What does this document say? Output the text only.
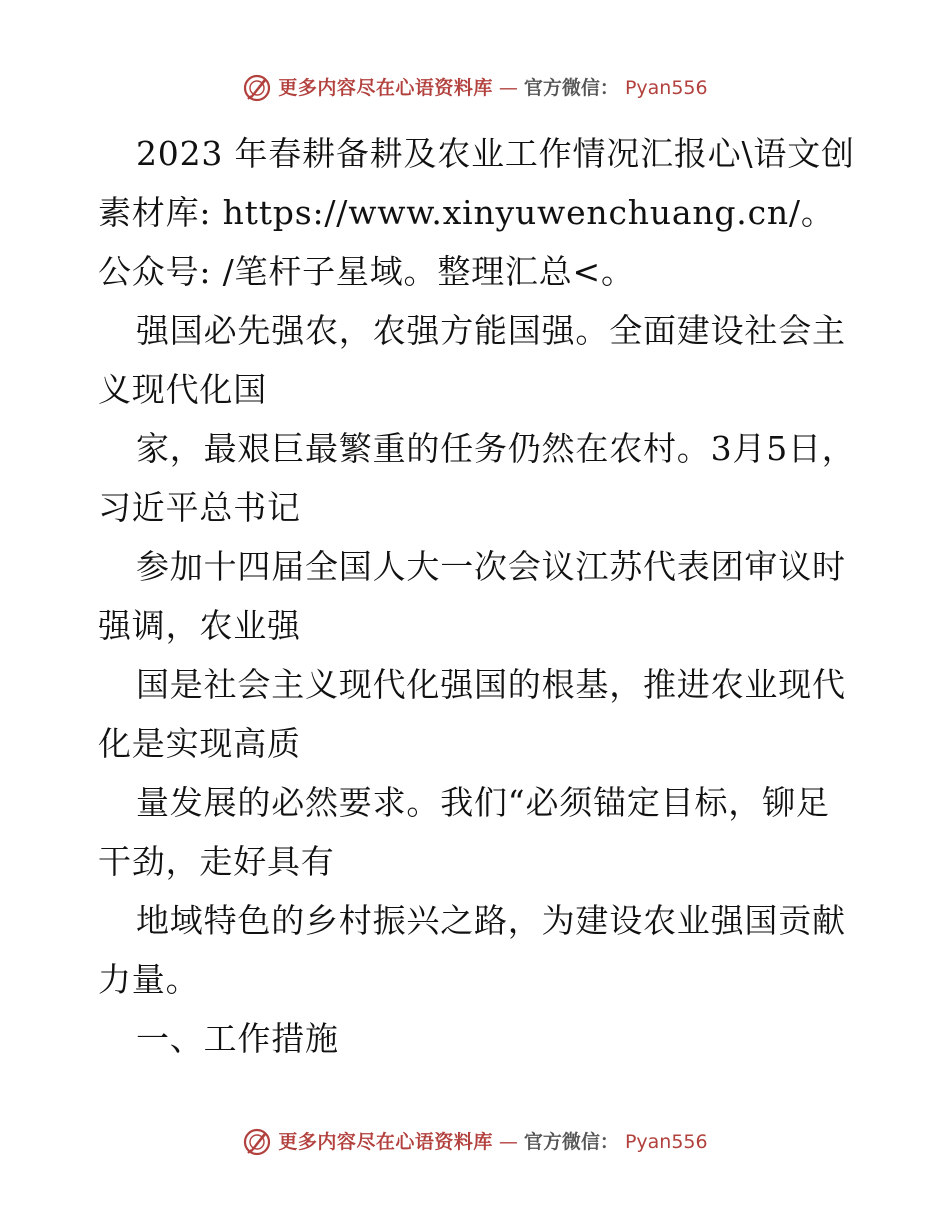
更多内容尽在心语资料库 — 官方微信： Pyan556

2023 年春耕备耕及农业工作情况汇报心\语文创素材库: https://www.xinyuwenchuang.cn/。公众号: /笔杆子星域。整理汇总<。

强国必先强农，农强方能国强。全面建设社会主义现代化国

家，最艰巨最繁重的任务仍然在农村。3月5日，习近平总书记

参加十四届全国人大一次会议江苏代表团审议时强调，农业强

国是社会主义现代化强国的根基，推进农业现代化是实现高质

量发展的必然要求。我们“必须锚定目标，铆足干劲，走好具有

地域特色的乡村振兴之路，为建设农业强国贡献力量。

一、工作措施

更多内容尽在心语资料库 — 官方微信： Pyan556
